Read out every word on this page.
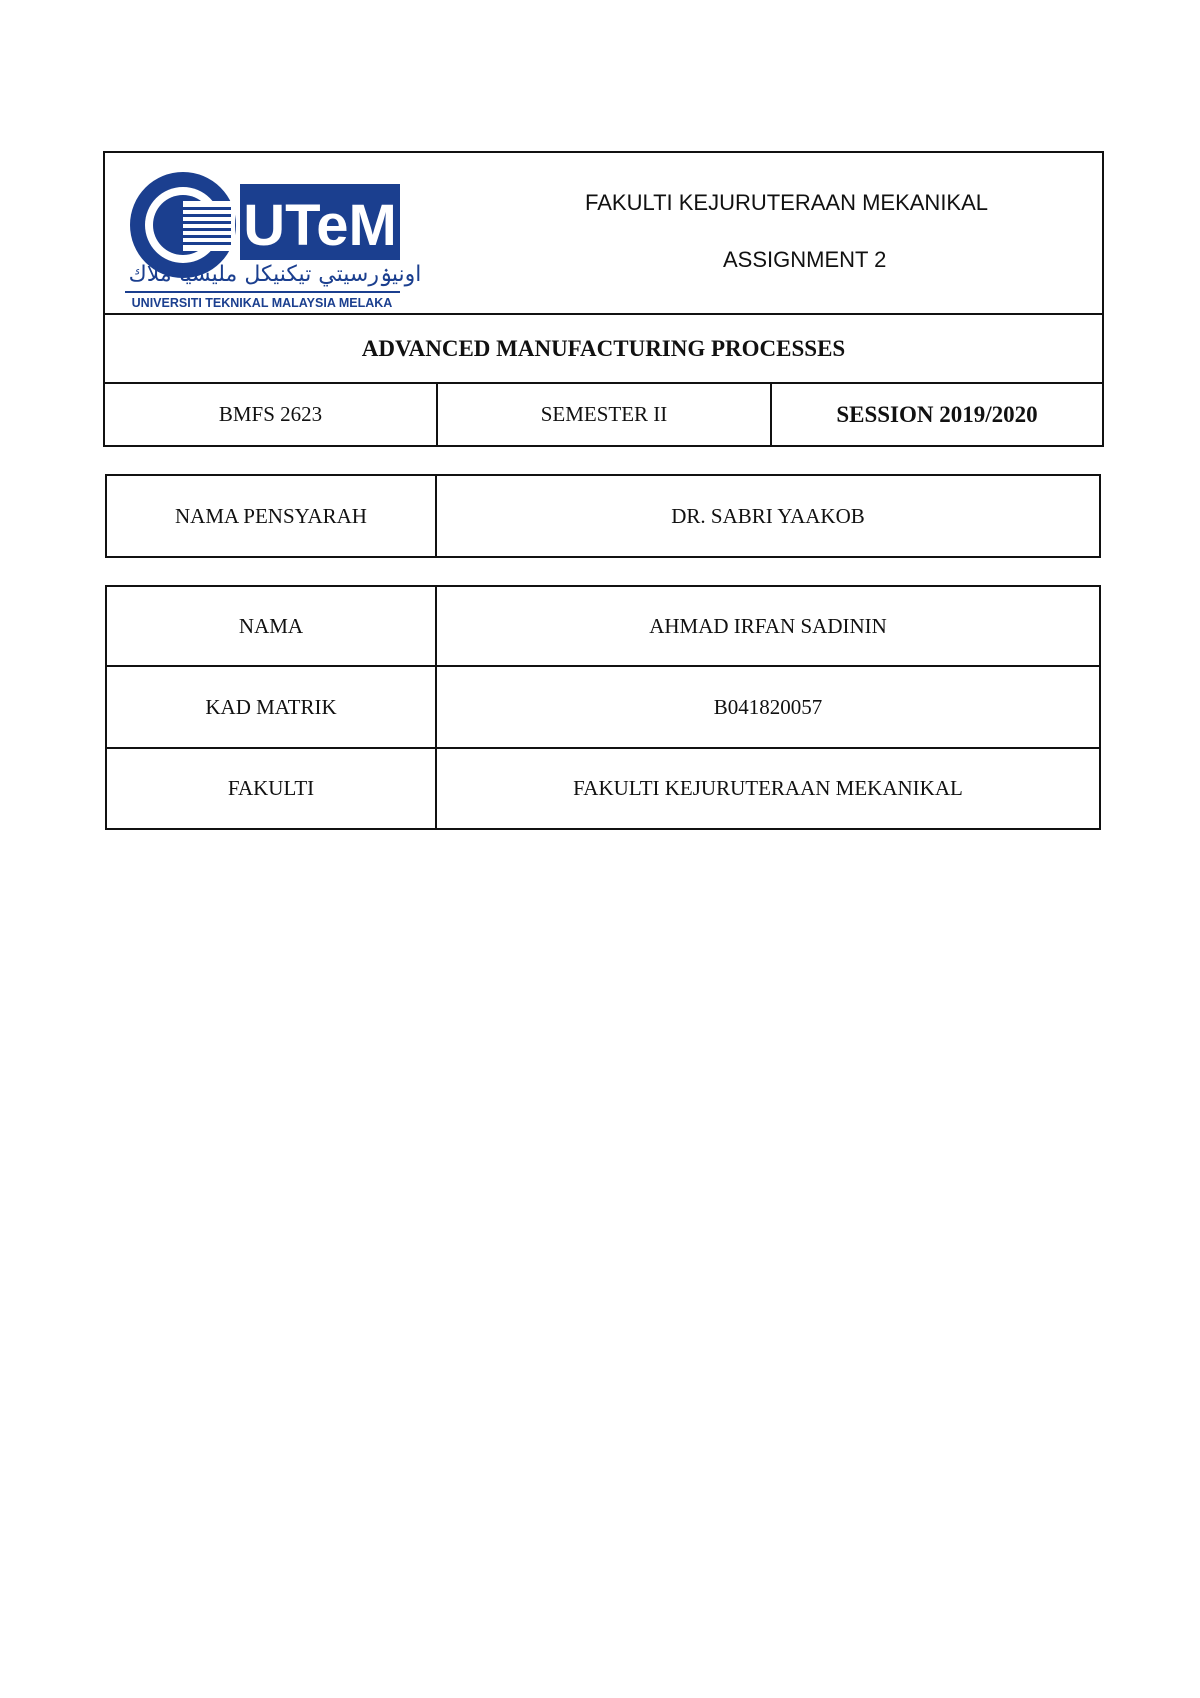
UTeM
اونيۏرسيتي تيكنيكل مليسيا ملاك
UNIVERSITI TEKNIKAL MALAYSIA MELAKA
FAKULTI KEJURUTERAAN MEKANIKAL
ASSIGNMENT 2
ADVANCED MANUFACTURING PROCESSES
BMFS 2623	SEMESTER II	SESSION 2019/2020
NAMA PENSYARAH	DR. SABRI YAAKOB
NAMA	AHMAD IRFAN SADININ
KAD MATRIK	B041820057
FAKULTI	FAKULTI KEJURUTERAAN MEKANIKAL
